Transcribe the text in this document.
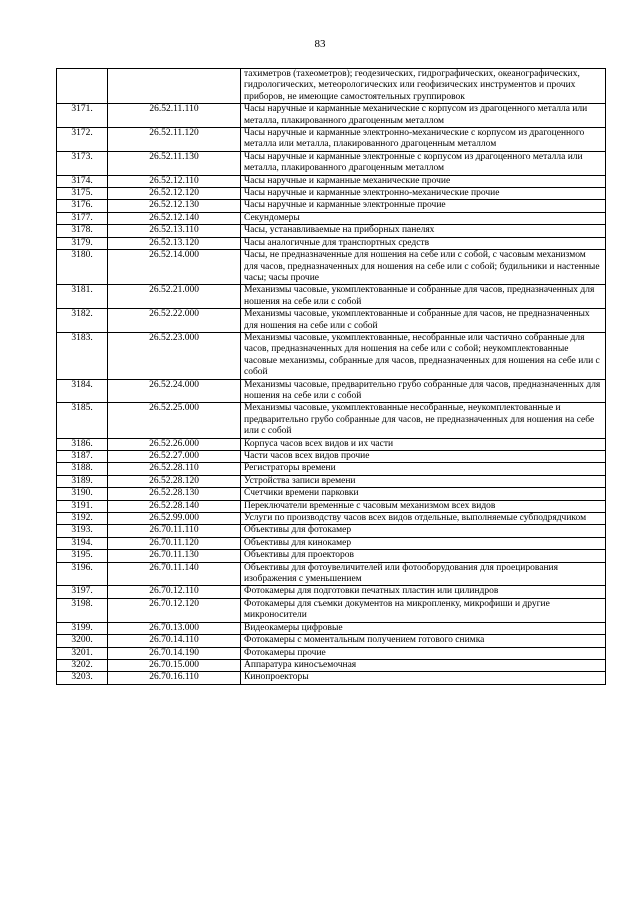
83
		тахиметров (тахеометров); геодезических, гидрографических, океанографических, гидрологических, метеорологических или геофизических инструментов и прочих приборов, не имеющие самостоятельных группировок
3171.	26.52.11.110	Часы наручные и карманные механические с корпусом из драгоценного металла или металла, плакированного драгоценным металлом
3172.	26.52.11.120	Часы наручные и карманные электронно-механические с корпусом из драгоценного металла или металла, плакированного драгоценным металлом
3173.	26.52.11.130	Часы наручные и карманные электронные с корпусом из драгоценного металла или металла, плакированного драгоценным металлом
3174.	26.52.12.110	Часы наручные и карманные механические прочие
3175.	26.52.12.120	Часы наручные и карманные электронно-механические прочие
3176.	26.52.12.130	Часы наручные и карманные электронные прочие
3177.	26.52.12.140	Секундомеры
3178.	26.52.13.110	Часы, устанавливаемые на приборных панелях
3179.	26.52.13.120	Часы аналогичные для транспортных средств
3180.	26.52.14.000	Часы, не предназначенные для ношения на себе или с собой, с часовым механизмом для часов, предназначенных для ношения на себе или с собой; будильники и настенные часы; часы прочие
3181.	26.52.21.000	Механизмы часовые, укомплектованные и собранные для часов, предназначенных для ношения на себе или с собой
3182.	26.52.22.000	Механизмы часовые, укомплектованные и собранные для часов, не предназначенных для ношения на себе или с собой
3183.	26.52.23.000	Механизмы часовые, укомплектованные, несобранные или частично собранные для часов, предназначенных для ношения на себе или с собой; неукомплектованные часовые механизмы, собранные для часов, предназначенных для ношения на себе или с собой
3184.	26.52.24.000	Механизмы часовые, предварительно грубо собранные для часов, предназначенных для ношения на себе или с собой
3185.	26.52.25.000	Механизмы часовые, укомплектованные несобранные, неукомплектованные и предварительно грубо собранные для часов, не предназначенных для ношения на себе или с собой
3186.	26.52.26.000	Корпуса часов всех видов и их части
3187.	26.52.27.000	Части часов всех видов прочие
3188.	26.52.28.110	Регистраторы времени
3189.	26.52.28.120	Устройства записи времени
3190.	26.52.28.130	Счетчики времени парковки
3191.	26.52.28.140	Переключатели временные с часовым механизмом всех видов
3192.	26.52.99.000	Услуги по производству часов всех видов отдельные, выполняемые субподрядчиком
3193.	26.70.11.110	Объективы для фотокамер
3194.	26.70.11.120	Объективы для кинокамер
3195.	26.70.11.130	Объективы для проекторов
3196.	26.70.11.140	Объективы для фотоувеличителей или фотооборудования для проецирования изображения с уменьшением
3197.	26.70.12.110	Фотокамеры для подготовки печатных пластин или цилиндров
3198.	26.70.12.120	Фотокамеры для съемки документов на микропленку, микрофиши и другие микроносители
3199.	26.70.13.000	Видеокамеры цифровые
3200.	26.70.14.110	Фотокамеры с моментальным получением готового снимка
3201.	26.70.14.190	Фотокамеры прочие
3202.	26.70.15.000	Аппаратура киносъемочная
3203.	26.70.16.110	Кинопроекторы
